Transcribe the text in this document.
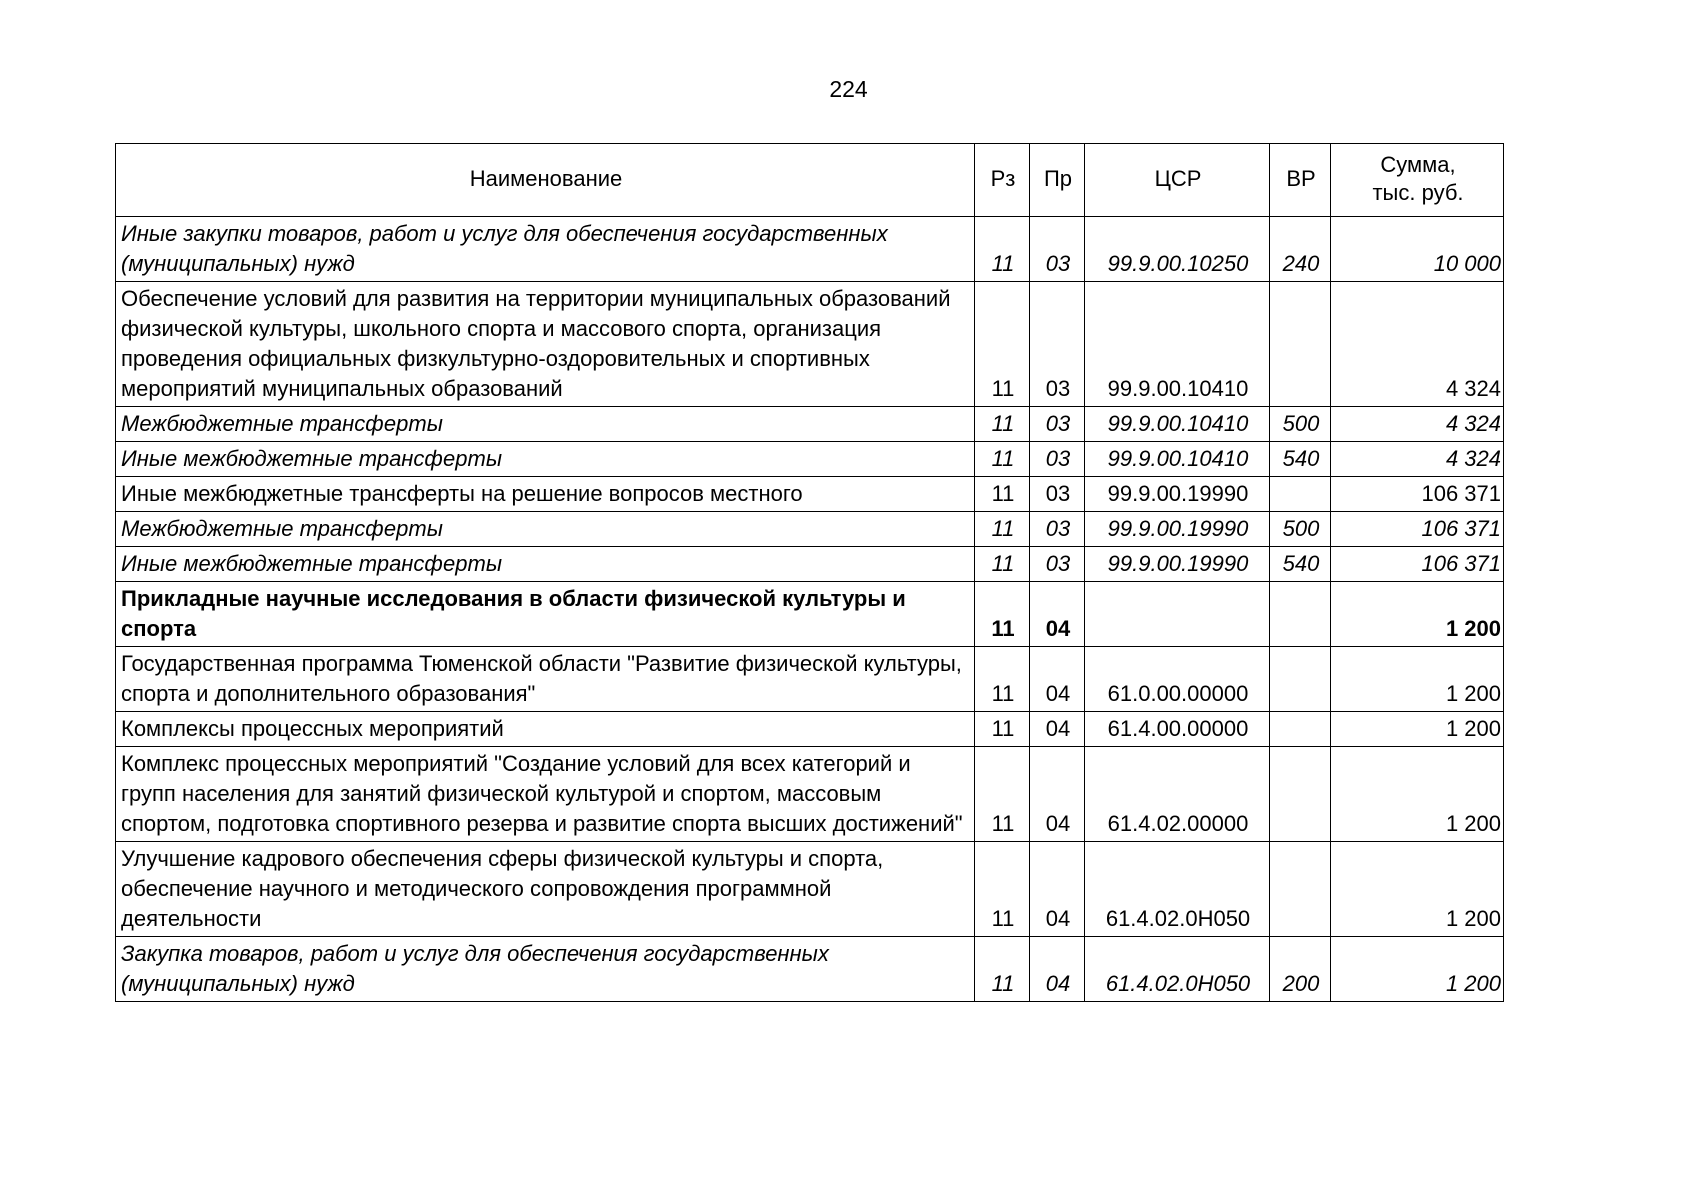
224
Наименование	Рз	Пр	ЦСР	ВР	Сумма,
тыс. руб.
Иные закупки товаров, работ и услуг для обеспечения государственных (муниципальных) нужд	11	03	99.9.00.10250	240	10 000
Обеспечение условий для развития на территории муниципальных образований физической культуры, школьного спорта и массового спорта, организация проведения официальных физкультурно-оздоровительных и спортивных мероприятий муниципальных образований	11	03	99.9.00.10410		4 324
Межбюджетные трансферты	11	03	99.9.00.10410	500	4 324
Иные межбюджетные трансферты	11	03	99.9.00.10410	540	4 324
Иные межбюджетные трансферты на решение вопросов местного	11	03	99.9.00.19990		106 371
Межбюджетные трансферты	11	03	99.9.00.19990	500	106 371
Иные межбюджетные трансферты	11	03	99.9.00.19990	540	106 371
Прикладные научные исследования в области физической культуры и спорта	11	04			1 200
Государственная программа Тюменской области "Развитие физической культуры, спорта и дополнительного образования"	11	04	61.0.00.00000		1 200
Комплексы процессных мероприятий	11	04	61.4.00.00000		1 200
Комплекс процессных мероприятий "Создание условий для всех категорий и групп населения для занятий физической культурой и спортом, массовым спортом, подготовка спортивного резерва и развитие спорта высших достижений"	11	04	61.4.02.00000		1 200
Улучшение кадрового обеспечения сферы физической культуры и спорта, обеспечение научного и методического сопровождения программной деятельности	11	04	61.4.02.0Н050		1 200
Закупка товаров, работ и услуг для обеспечения государственных (муниципальных) нужд	11	04	61.4.02.0Н050	200	1 200
